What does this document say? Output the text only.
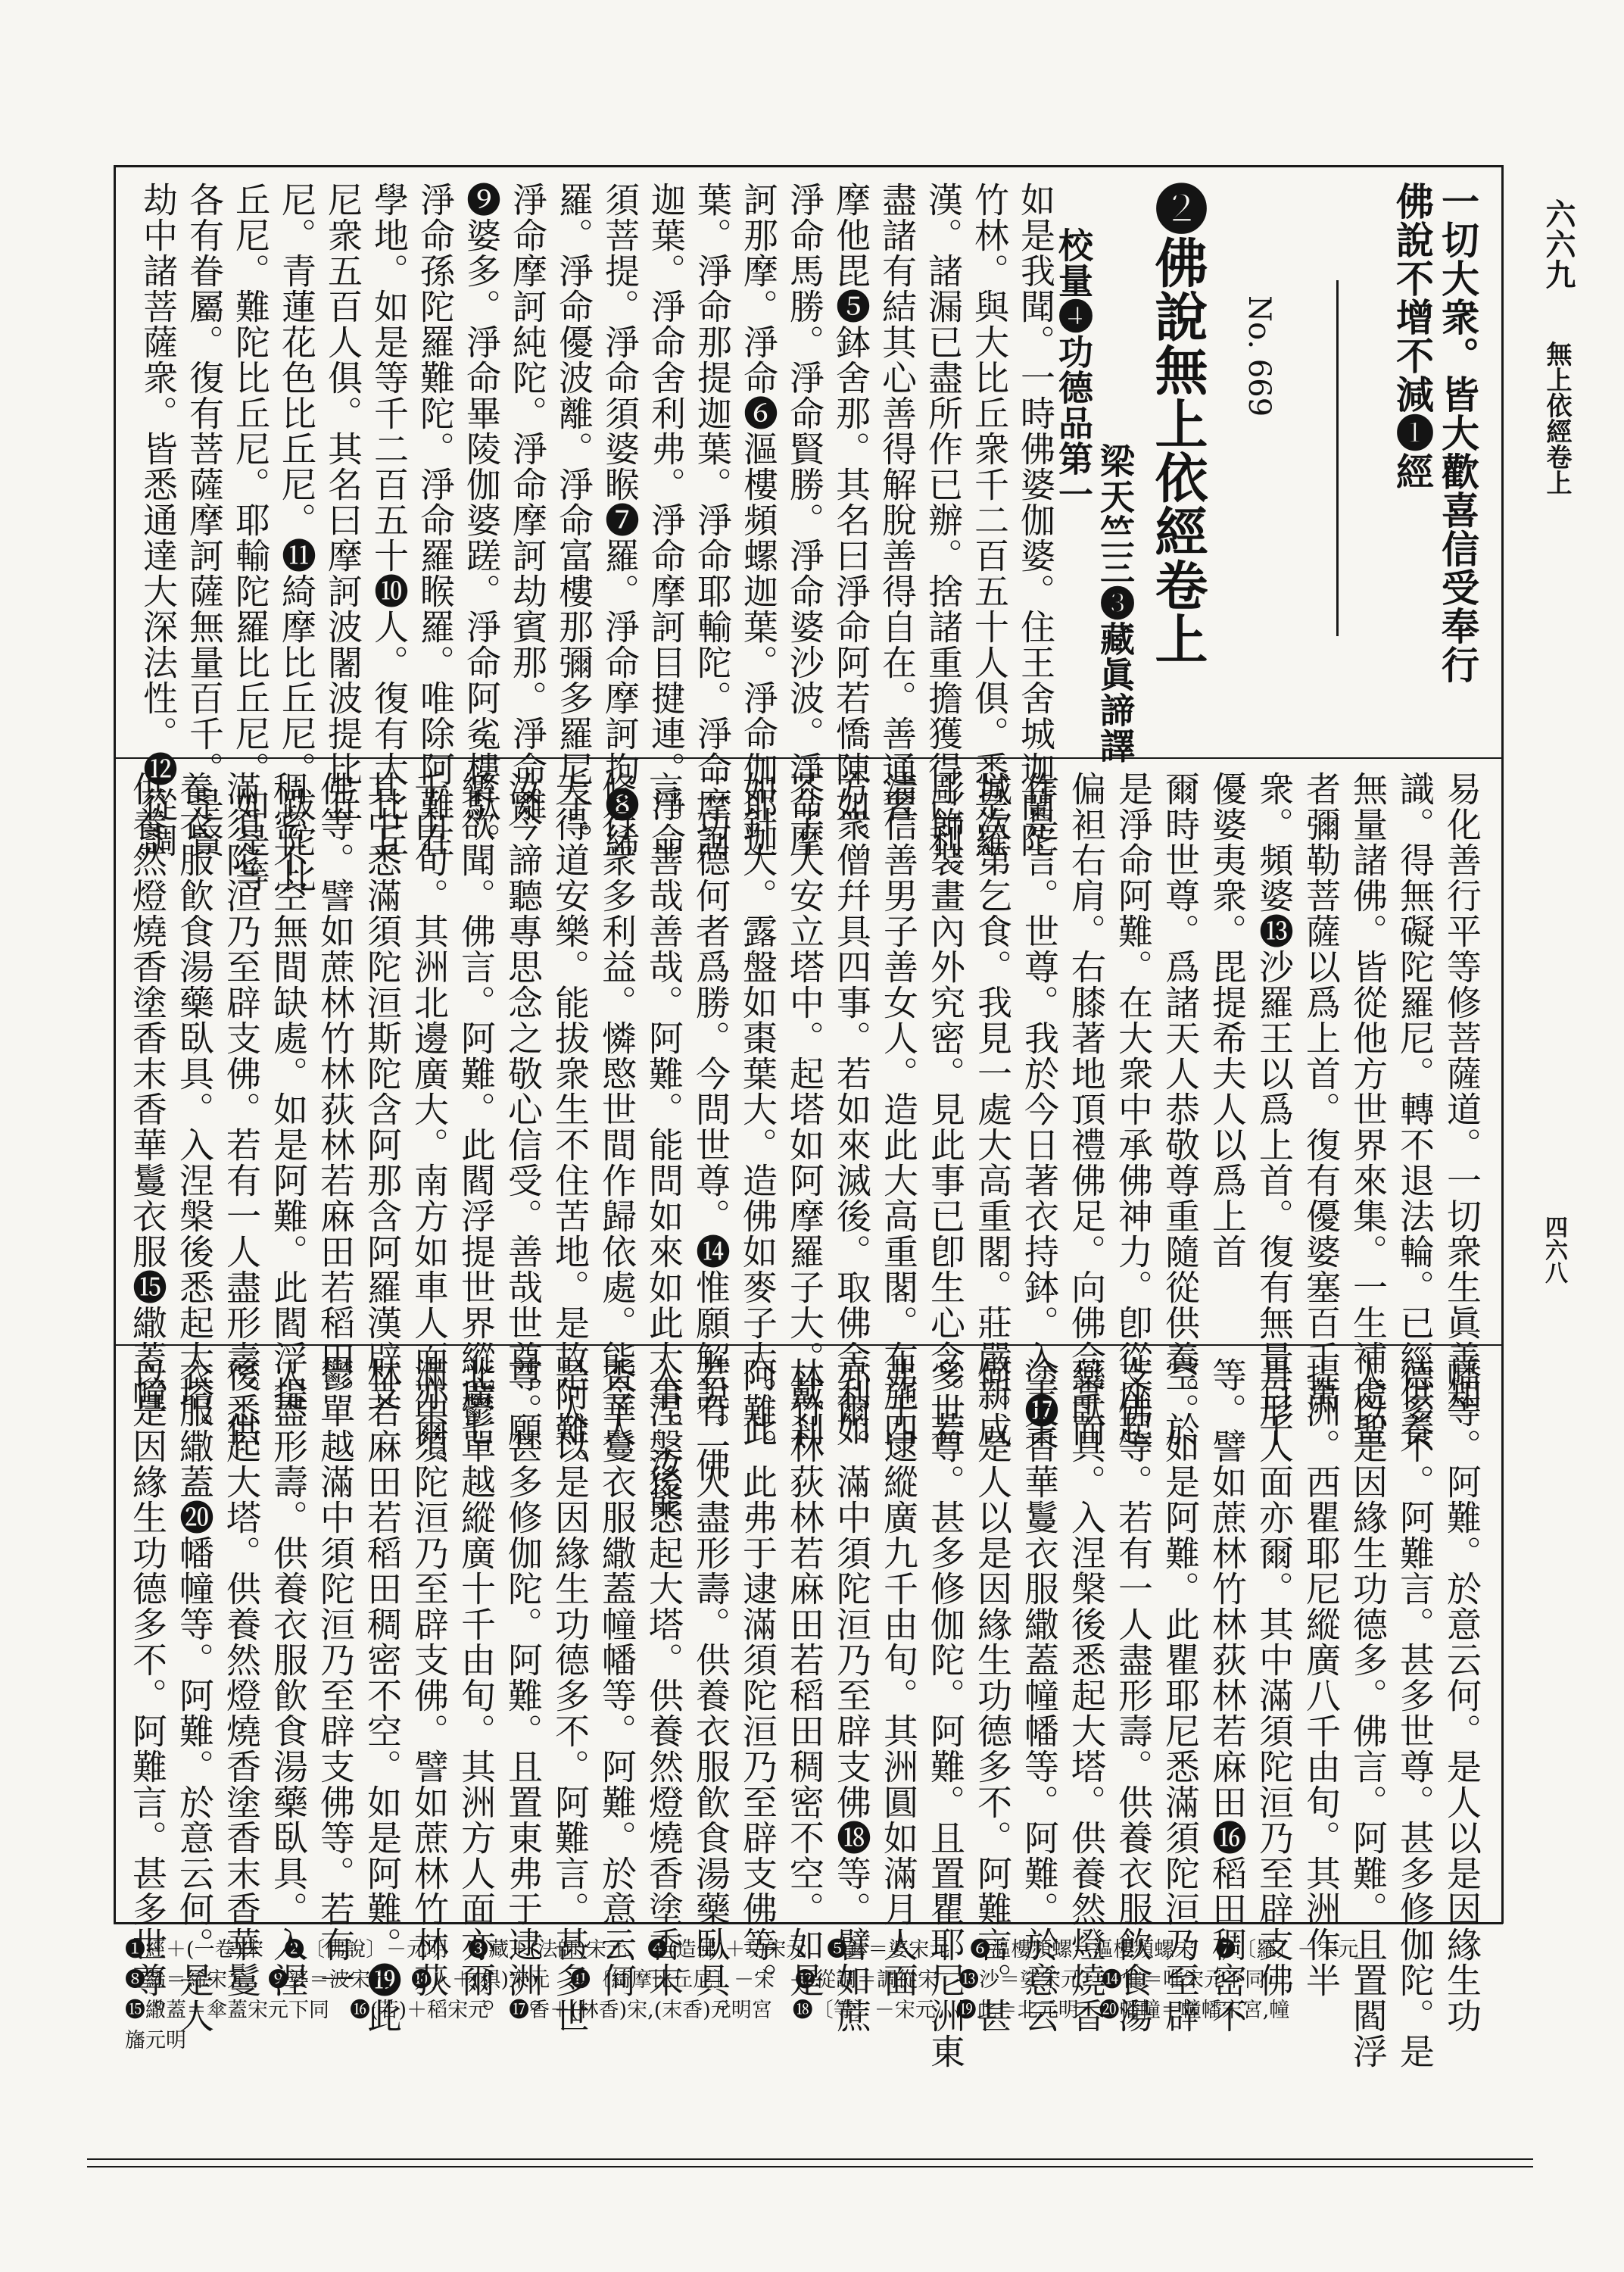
六六九
無上依經卷上
四六八
一切大衆。皆大歡喜信受奉行
佛說不增不減❶經
No. 669
❷佛說無上依經卷上
梁天竺三❸藏眞諦譯
校量❹功德品第一
如是我聞。一時佛婆伽婆。住王舍城迦蘭陀
竹林。與大比丘衆千二百五十人俱。悉是羅
漢。諸漏已盡所作已辦。捨諸重擔獲得己利。
盡諸有結其心善得解脫善得自在。善通奢
摩他毘❺鉢舍那。其名曰淨命阿若憍陳如。
淨命馬勝。淨命賢勝。淨命婆沙波。淨命摩
訶那摩。淨命❻漚樓頻螺迦葉。淨命伽耶迦
葉。淨命那提迦葉。淨命耶輸陀。淨命摩訶
迦葉。淨命舍利弗。淨命摩訶目揵連。淨命
須菩提。淨命須婆睺❼羅。淨命摩訶拘❽絺
羅。淨命優波離。淨命富樓那彌多羅尼子。
淨命摩訶純陀。淨命摩訶劫賓那。淨命離
❾婆多。淨命畢陵伽婆蹉。淨命阿㝹樓馱。
淨命孫陀羅難陀。淨命羅睺羅。唯除阿難在
學地。如是等千二百五十❿人。復有大比丘
尼衆五百人俱。其名曰摩訶波闍波提比丘
尼。青蓮花色比丘尼。⓫綺摩比丘尼。跋陀比
丘尼。難陀比丘尼。耶輸陀羅比丘尼。如是等
各有眷屬。復有菩薩摩訶薩無量百千。是賢
劫中諸菩薩衆。皆悉通達大深法性。⓬從調
易化善行平等修菩薩道。一切衆生眞善知
識。得無礙陀羅尼。轉不退法輪。已經供養
無量諸佛。皆從他方世界來集。一生補處聖
者彌勒菩薩以爲上首。復有優婆塞百千萬
衆。頻婆⓭沙羅王以爲上首。復有無量百千
優婆夷衆。毘提希夫人以爲上首
爾時世尊。爲諸天人恭敬尊重隨從供養。於
是淨命阿難。在大衆中承佛神力。卽從座起
偏袒右肩。右膝著地頂禮佛足。向佛合掌而
作是言。世尊。我於今日著衣持鉢。入王舍
城次第乞食。我見一處大高重閣。莊嚴新成
彫飾裝畫內外究密。見此事已卽生心念。若
淸信善男子善女人。造此大高重閣。布施四
方衆僧幷具四事。若如來滅後。取佛舍利如
芥子大安立塔中。起塔如阿摩羅子大。戴剎
如針大。露盤如棗葉大。造佛如麥子大。此
二功德何者爲勝。今問世尊。⓮惟願解說。佛
言。善哉善哉。阿難。能問如來如此大事。汝能
修行衆多利益。憐愍世間作歸依處。能令人
天得道安樂。能拔衆生不住苦地。是故阿難。
汝今諦聽專思念之敬心信受。善哉世尊。願
樂欲聞。佛言。阿難。此閻浮提世界縱廣七
千由旬。其洲北邊廣大。南方如車人面亦爾。
其中悉滿須陀洹斯陀含阿那含阿羅漢辟支
佛等。譬如蔗林竹林荻林若麻田若稻田。
稠密不空無間缺處。如是阿難。此閻浮提
滿須陀洹乃至辟支佛。若有一人盡形壽。供
養衣服飮食湯藥臥具。入涅槃後悉起大塔。
供養然燈燒香塗香末香華鬘衣服⓯繖蓋幢
幡等。阿難。於意云何。是人以是因緣生功
德多不。阿難言。甚多世尊。甚多修伽陀。是
人以是因緣生功德多。佛言。阿難。且置閻浮
提洲。西瞿耶尼縱廣八千由旬。其洲作半
月形人面亦爾。其中滿須陀洹乃至辟支佛
等。譬如蔗林竹林荻林若麻田⓰稻田稠密不
空。如是阿難。此瞿耶尼悉滿須陀洹乃至辟
支佛等。若有一人盡形壽。供養衣服飮食湯
藥臥具。入涅槃後悉起大塔。供養然燈燒香
塗⓱香華鬘衣服繖蓋幢幡等。阿難。於意云
何。是人以是因緣生功德多不。阿難言。甚
多世尊。甚多修伽陀。阿難。且置瞿耶尼洲東
弗于逮縱廣九千由旬。其洲圓如滿月人面
亦爾。滿中須陀洹乃至辟支佛⓲等。譬如蔗
林竹林荻林若麻田若稻田稠密不空。如是
阿難。此弗于逮滿須陀洹乃至辟支佛等。
若有一人盡形壽。供養衣服飮食湯藥臥具。
入涅槃後悉起大塔。供養然燈燒香塗香末
香華鬘衣服繖蓋幢幡等。阿難。於意云何
是人以是因緣生功德多不。阿難言。甚多世
尊。甚多修伽陀。阿難。且置東弗于逮洲。
北鬱單越縱廣十千由旬。其洲方人面亦爾。
滿中須陀洹乃至辟支佛。譬如蔗林竹林荻
林若麻田若稻田稠密不空。如是阿難。⓳此
鬱單越滿中須陀洹乃至辟支佛等。若有一
人盡形壽。供養衣服飮食湯藥臥具。入涅
後悉起大塔。供養然燈燒香塗香末香華鬘
衣服繖蓋⓴幡幢等。阿難。於意云何。是人
以是因緣生功德多不。阿難言。甚多世尊。
❶經＋(一卷)宋　❷〔佛說〕－元明　❸藏＋(法師)宋元　❹(造佛)＋功宋元　❺鉢＝婆宋元　❻漚樓頻螺＝漚樓頻螺宋　❼〔羅〕－宋元
❽絺＝絺宋元　❾婆＝波宋元　❿人＋(俱)宋元　⓫〔綺摩比丘尼〕－宋　⓬從調＝調從宋　⓭沙＝娑宋元　⓮惟＝唯宋元下同
⓯繖蓋＝傘蓋宋元下同　⓰(若)＋稻宋元　⓱香＋(林香)宋,(末香)元明宮　⓲〔等〕－宋元　⓳此＝北元明　⓴幡幢＝幢幡宋宮,幢
旛元明
